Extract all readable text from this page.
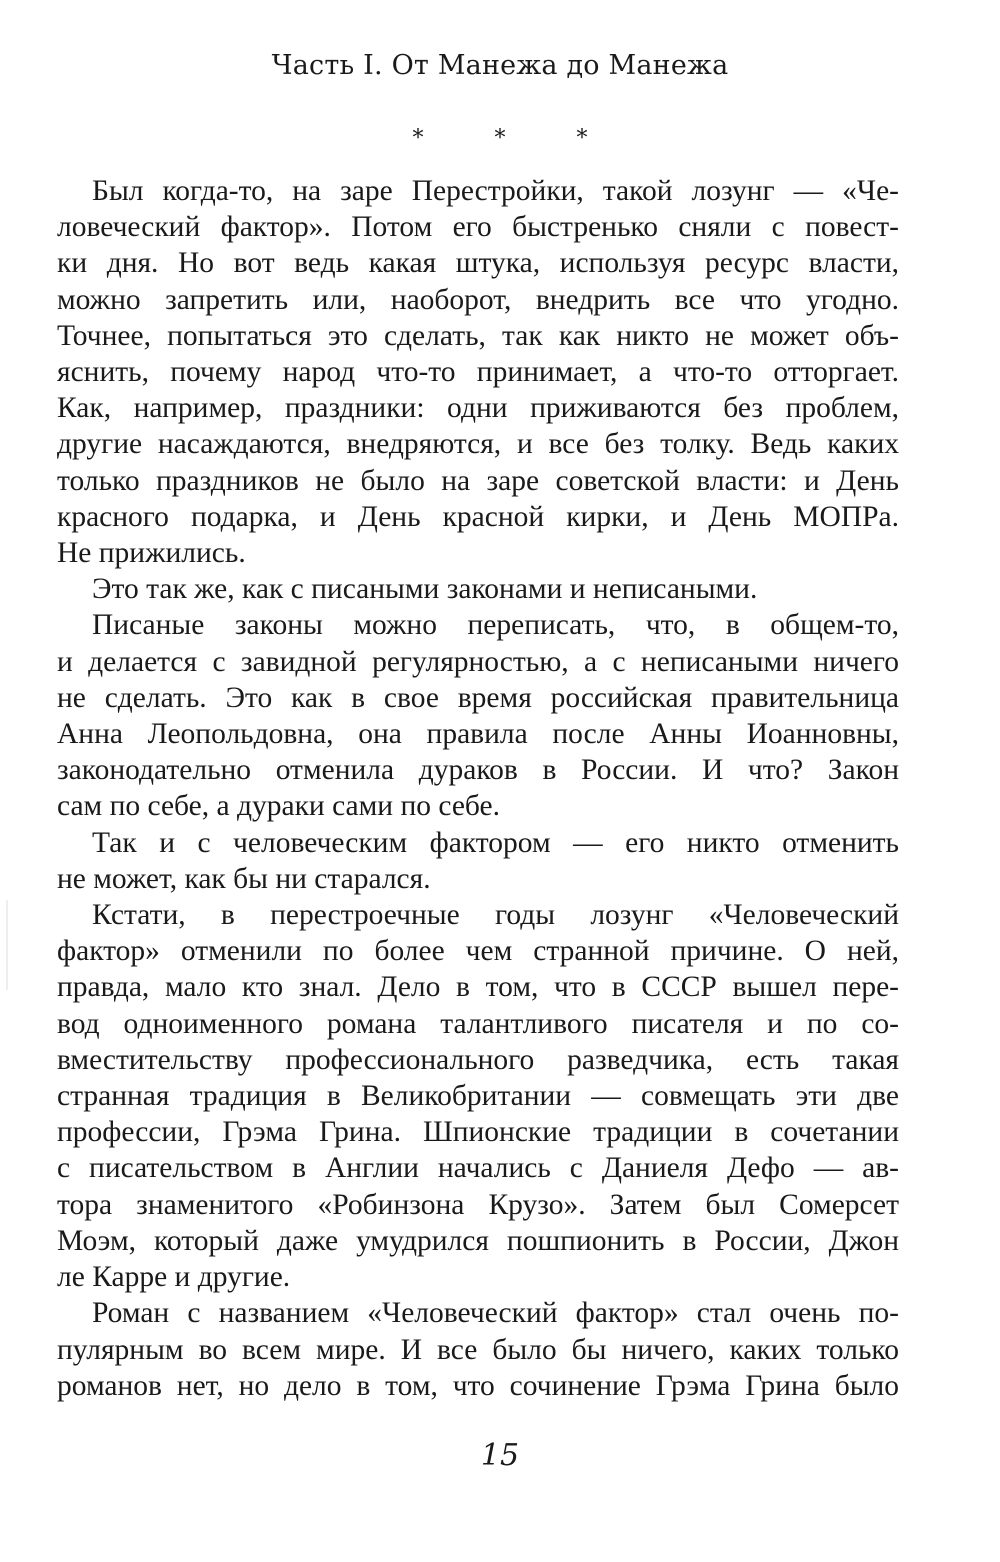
Часть I. От Манежа до Манежа
*	*	*
Был когда-то, на заре Перестройки, такой лозунг — «Че-
ловеческий фактор». Потом его быстренько сняли с повест-
ки дня. Но вот ведь какая штука, используя ресурс власти,
можно запретить или, наоборот, внедрить все что угодно.
Точнее, попытаться это сделать, так как никто не может объ-
яснить, почему народ что-то принимает, а что-то отторгает.
Как, например, праздники: одни приживаются без проблем,
другие насаждаются, внедряются, и все без толку. Ведь каких
только праздников не было на заре советской власти: и День
красного подарка, и День красной кирки, и День МОПРа.
Не прижились.
Это так же, как с писаными законами и неписаными.
Писаные законы можно переписать, что, в общем-то,
и делается с завидной регулярностью, а с неписаными ничего
не сделать. Это как в свое время российская правительница
Анна Леопольдовна, она правила после Анны Иоанновны,
законодательно отменила дураков в России. И что? Закон
сам по себе, а дураки сами по себе.
Так и с человеческим фактором — его никто отменить
не может, как бы ни старался.
Кстати, в перестроечные годы лозунг «Человеческий
фактор» отменили по более чем странной причине. О ней,
правда, мало кто знал. Дело в том, что в СССР вышел пере-
вод одноименного романа талантливого писателя и по со-
вместительству профессионального разведчика, есть такая
странная традиция в Великобритании — совмещать эти две
профессии, Грэма Грина. Шпионские традиции в сочетании
с писательством в Англии начались с Даниеля Дефо — ав-
тора знаменитого «Робинзона Крузо». Затем был Сомерсет
Моэм, который даже умудрился пошпионить в России, Джон
ле Карре и другие.
Роман с названием «Человеческий фактор» стал очень по-
пулярным во всем мире. И все было бы ничего, каких только
романов нет, но дело в том, что сочинение Грэма Грина было
15
